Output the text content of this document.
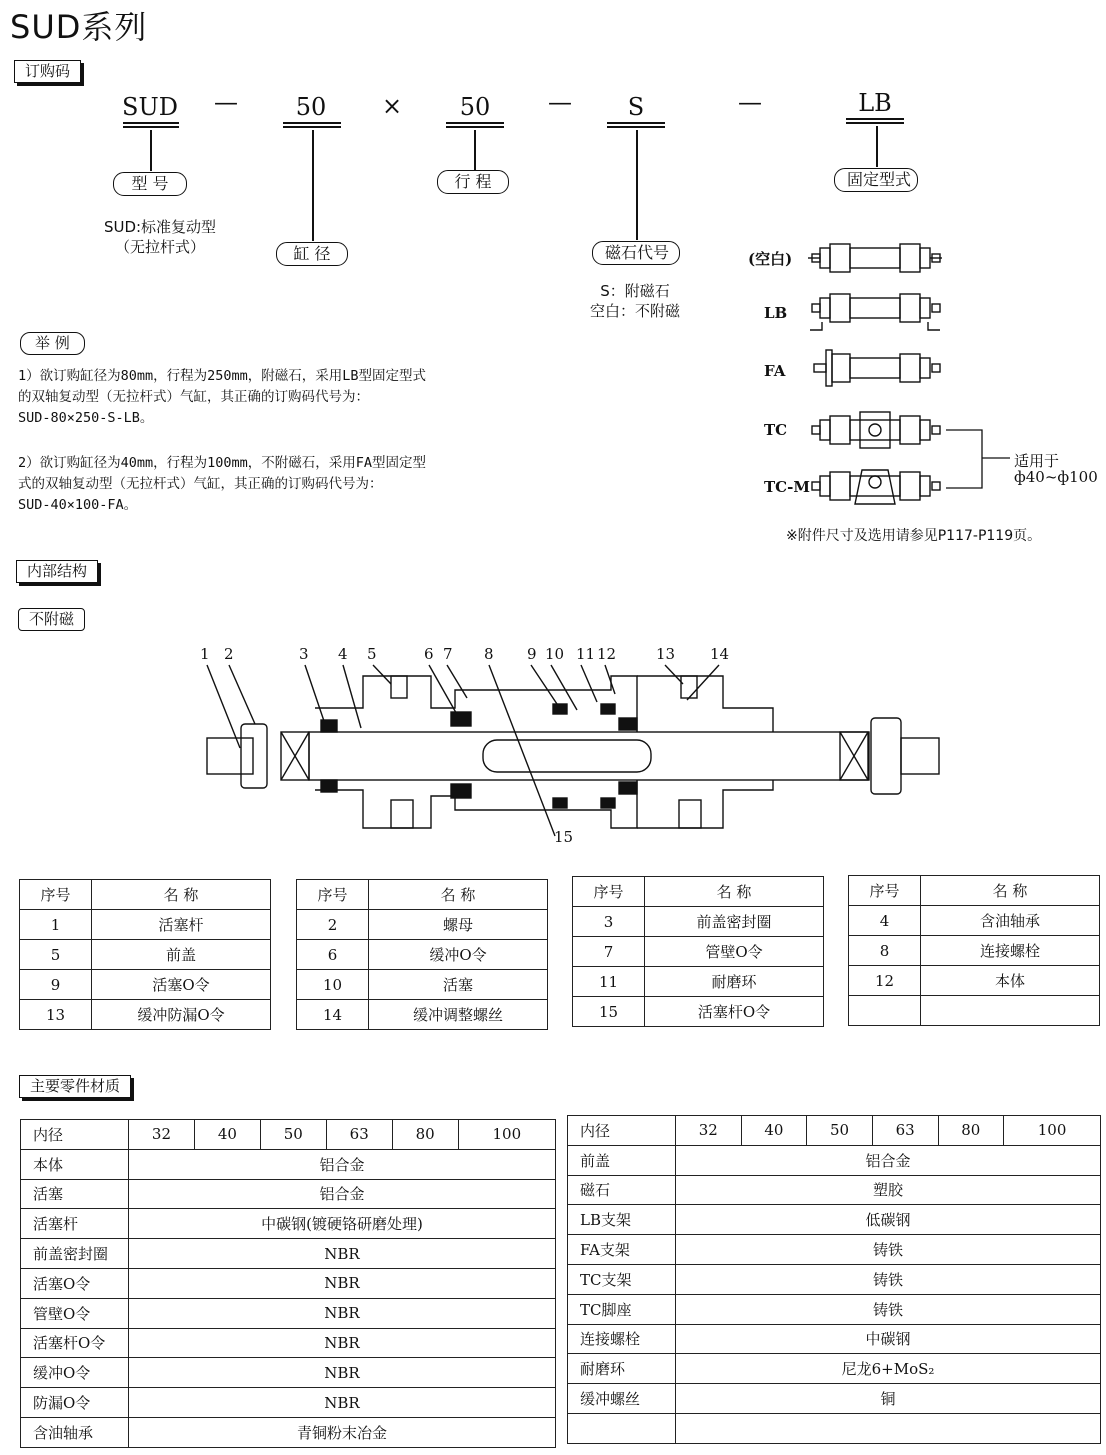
SUD系列
订购码
SUD	—	50	×	50	—	S	—	LB
型 号
缸 径
行 程
磁石代号
固定型式
SUD:标准复动型
（无拉杆式）
S：附磁石
空白：不附磁
(空白)
LB
FA
TC
TC-M
适用于
ф40~ф100
※附件尺寸及选用请参见P117-P119页。
举 例
1）欲订购缸径为80mm，行程为250mm，附磁石，采用LB型固定型式
的双轴复动型（无拉杆式）气缸，其正确的订购码代号为：
SUD-80×250-S-LB。
2）欲订购缸径为40mm，行程为100mm，不附磁石，采用FA型固定型
式的双轴复动型（无拉杆式）气缸，其正确的订购码代号为：
SUD-40×100-FA。
内部结构
不附磁
1 2	3 4 5	6 7 8 9 10 11 12	13 14
15
序号	名 称
1	活塞杆
5	前盖
9	活塞O令
13	缓冲防漏O令
序号	名 称
2	螺母
6	缓冲O令
10	活塞
14	缓冲调整螺丝
序号	名 称
3	前盖密封圈
7	管壁O令
11	耐磨环
15	活塞杆O令
序号	名 称
4	含油轴承
8	连接螺栓
12	本体

主要零件材质
内径	32	40	50	63	80	100
本体	铝合金					
活塞	铝合金					
活塞杆	中碳钢(镀硬铬研磨处理)					
前盖密封圈	NBR					
活塞O令	NBR					
管壁O令	NBR					
活塞杆O令	NBR					
缓冲O令	NBR					
防漏O令	NBR					
含油轴承	青铜粉末冶金					
内径	32	40	50	63	80	100
前盖	铝合金					
磁石	塑胶					
LB支架	低碳钢					
FA支架	铸铁					
TC支架	铸铁					
TC脚座	铸铁					
连接螺栓	中碳钢					
耐磨环	尼龙6+MoS₂					
缓冲螺丝	铜					
